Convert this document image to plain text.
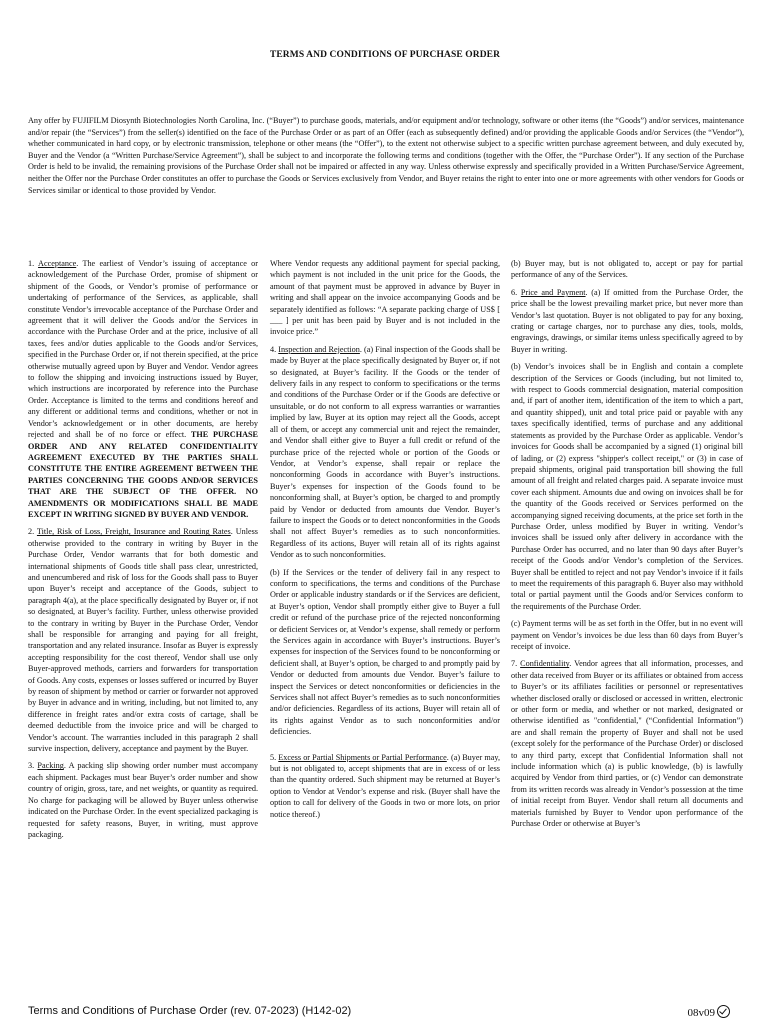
TERMS AND CONDITIONS OF PURCHASE ORDER

Any offer by FUJIFILM Diosynth Biotechnologies North Carolina, Inc. (“Buyer”) to purchase goods, materials, and/or equipment and/or technology, software or other items (the “Goods”) and/or services, maintenance and/or repair (the “Services”) from the seller(s) identified on the face of the Purchase Order or as part of an Offer (each as subsequently defined) and/or providing the applicable Goods and/or Services (the “Vendor”), whether communicated in hard copy, or by electronic transmission, telephone or other means (the “Offer”), to the extent not otherwise subject to a specific written purchase agreement between, and duly executed by, Buyer and the Vendor (a “Written Purchase/Service Agreement”), shall be subject to and incorporate the following terms and conditions (together with the Offer, the “Purchase Order”). If any section of the Purchase Order is held to be invalid, the remaining provisions of the Purchase Order shall not be impaired or affected in any way. Unless otherwise expressly and specifically provided in a Written Purchase/Service Agreement, neither the Offer nor the Purchase Order constitutes an offer to purchase the Goods or Services exclusively from Vendor, and Buyer retains the right to enter into one or more agreements with other vendors for Goods or Services similar or identical to those provided by Vendor.

1. Acceptance. The earliest of Vendor’s issuing of acceptance or acknowledgement of the Purchase Order, promise of shipment or shipment of the Goods, or Vendor’s promise of performance or undertaking of performance of the Services, as applicable, shall constitute Vendor’s irrevocable acceptance of the Purchase Order and agreement that it will deliver the Goods and/or the Services in accordance with the Purchase Order and at the price, inclusive of all taxes, fees and/or duties applicable to the Goods and/or Services, specified in the Purchase Order or, if not therein specified, at the price otherwise mutually agreed upon by Buyer and Vendor. Vendor agrees to follow the shipping and invoicing instructions issued by Buyer, which instructions are incorporated by reference into the Purchase Order. Acceptance is limited to the terms and conditions hereof and any different or additional terms and conditions, whether or not in Vendor’s acknowledgement or in other documents, are hereby rejected and shall be of no force or effect. THE PURCHASE ORDER AND ANY RELATED CONFIDENTIALITY AGREEMENT EXECUTED BY THE PARTIES SHALL CONSTITUTE THE ENTIRE AGREEMENT BETWEEN THE PARTIES CONCERNING THE GOODS AND/OR SERVICES THAT ARE THE SUBJECT OF THE OFFER. NO AMENDMENTS OR MODIFICATIONS SHALL BE MADE EXCEPT IN WRITING SIGNED BY BUYER AND VENDOR.

2. Title, Risk of Loss, Freight, Insurance and Routing Rates. Unless otherwise provided to the contrary in writing by Buyer in the Purchase Order, Vendor warrants that for both domestic and international shipments of Goods title shall pass clear, unrestricted, and unencumbered and risk of loss for the Goods shall pass to Buyer upon Buyer’s receipt and acceptance of the Goods, subject to paragraph 4(a), at the place specifically designated by Buyer or, if not so designated, at Buyer’s facility. Further, unless otherwise provided to the contrary in writing by Buyer in the Purchase Order, Vendor shall be responsible for arranging and paying for all freight, transportation and any related insurance. Insofar as Buyer is expressly accepting responsibility for the cost thereof, Vendor shall use only Buyer-approved methods, carriers and forwarders for transportation of Goods. Any costs, expenses or losses suffered or incurred by Buyer by reason of shipment by method or carrier or forwarder not approved by Buyer in advance and in writing, including, but not limited to, any difference in freight rates and/or extra costs of cartage, shall be deemed deductible from the invoice price and will be charged to Vendor’s account. The warranties included in this paragraph 2 shall survive inspection, delivery, acceptance and payment by the Buyer.

3. Packing. A packing slip showing order number must accompany each shipment. Packages must bear Buyer’s order number and show country of origin, gross, tare, and net weights, or quantity as required. No charge for packaging will be allowed by Buyer unless otherwise indicated on the Purchase Order. In the event specialized packaging is requested for safety reasons, Buyer, in writing, must approve packaging.

Where Vendor requests any additional payment for special packing, which payment is not included in the unit price for the Goods, the amount of that payment must be approved in advance by Buyer in writing and shall appear on the invoice accompanying Goods and be separately identified as follows: “A separate packing charge of US$ [ ___ ] per unit has been paid by Buyer and is not included in the invoice price.”

4. Inspection and Rejection. (a) Final inspection of the Goods shall be made by Buyer at the place specifically designated by Buyer or, if not so designated, at Buyer’s facility. If the Goods or the tender of delivery fails in any respect to conform to specifications or the terms and conditions of the Purchase Order or if the Goods are defective or unsuitable, or do not conform to all express warranties or warranties implied by law, Buyer at its option may reject all the Goods, accept all of them, or accept any commercial unit and reject the remainder, and Vendor shall either give to Buyer a full credit or refund of the purchase price of the rejected whole or portion of the Goods or Vendor, at Vendor’s expense, shall repair or replace the nonconforming Goods in accordance with Buyer’s instructions. Buyer’s expenses for inspection of the Goods found to be nonconforming shall, at Buyer’s option, be charged to and promptly paid by Vendor or deducted from amounts due Vendor. Buyer’s failure to inspect the Goods or to detect nonconformities in the Goods shall not affect Buyer’s remedies as to such nonconformities. Regardless of its actions, Buyer will retain all of its rights against Vendor as to such nonconformities.

(b) If the Services or the tender of delivery fail in any respect to conform to specifications, the terms and conditions of the Purchase Order or applicable industry standards or if the Services are deficient, at Buyer’s option, Vendor shall promptly either give to Buyer a full credit or refund of the purchase price of the rejected nonconforming or deficient Services or, at Vendor’s expense, shall remedy or perform the Services again in accordance with Buyer’s instructions. Buyer’s expenses for inspection of the Services found to be nonconforming or deficient shall, at Buyer’s option, be charged to and promptly paid by Vendor or deducted from amounts due Vendor. Buyer’s failure to inspect the Services or detect nonconformities or deficiencies in the Services shall not affect Buyer’s remedies as to such nonconformities and/or deficiencies. Regardless of its actions, Buyer will retain all of its rights against Vendor as to such nonconformities and/or deficiencies.

5. Excess or Partial Shipments or Partial Performance. (a) Buyer may, but is not obligated to, accept shipments that are in excess of or less than the quantity ordered. Such shipment may be returned at Buyer’s option to Vendor at Vendor’s expense and risk. (Buyer shall have the option to call for delivery of the Goods in two or more lots, on prior notice thereof.)

(b) Buyer may, but is not obligated to, accept or pay for partial performance of any of the Services.

6. Price and Payment. (a) If omitted from the Purchase Order, the price shall be the lowest prevailing market price, but never more than Vendor’s last quotation. Buyer is not obligated to pay for any boxing, crating or cartage charges, nor to purchase any dies, tools, molds, engravings, drawings, or similar items unless specifically agreed to by Buyer in writing.

(b) Vendor’s invoices shall be in English and contain a complete description of the Services or Goods (including, but not limited to, with respect to Goods commercial designation, material composition and, if part of another item, identification of the item to which a part, and quantity shipped), unit and total price paid or payable with any taxes specifically identified, terms of purchase and any additional statements as provided by the Purchase Order as applicable. Vendor’s invoices for Goods shall be accompanied by a signed (1) original bill of lading, or (2) express "shipper's collect receipt," or (3) in case of prepaid shipments, original paid transportation bill showing the full amount of all freight and related charges paid. A separate invoice must cover each shipment. Amounts due and owing on invoices shall be for the quantity of the Goods received or Services performed on the accompanying signed receiving documents, at the price set forth in the Purchase Order, unless modified by Buyer in writing. Vendor’s invoices shall be issued only after delivery in accordance with the Purchase Order has occurred, and no later than 90 days after Buyer’s receipt of the Goods and/or Vendor’s completion of the Services. Buyer shall be entitled to reject and not pay Vendor’s invoice if it fails to meet the requirements of this paragraph 6. Buyer also may withhold total or partial payment until the Goods and/or Services conform to the requirements of the Purchase Order.

(c) Payment terms will be as set forth in the Offer, but in no event will payment on Vendor’s invoices be due less than 60 days from Buyer’s receipt of invoice.

7. Confidentiality. Vendor agrees that all information, processes, and other data received from Buyer or its affiliates or obtained from access to Buyer’s or its affiliates facilities or personnel or representatives whether disclosed orally or disclosed or accessed in written, electronic or other form or media, and whether or not marked, designated or otherwise identified as "confidential," (“Confidential Information”) are and shall remain the property of Buyer and shall not be used (except solely for the performance of the Purchase Order) or disclosed to any third party, except that Confidential Information shall not include information which (a) is public knowledge, (b) is lawfully acquired by Vendor from third parties, or (c) Vendor can demonstrate from its written records was already in Vendor’s possession at the time of initial receipt from Buyer. Vendor shall return all documents and materials furnished by Buyer to Vendor upon performance of the Purchase Order or otherwise at Buyer’s

Terms and Conditions of Purchase Order (rev. 07-2023) (H142-02)	08v09
